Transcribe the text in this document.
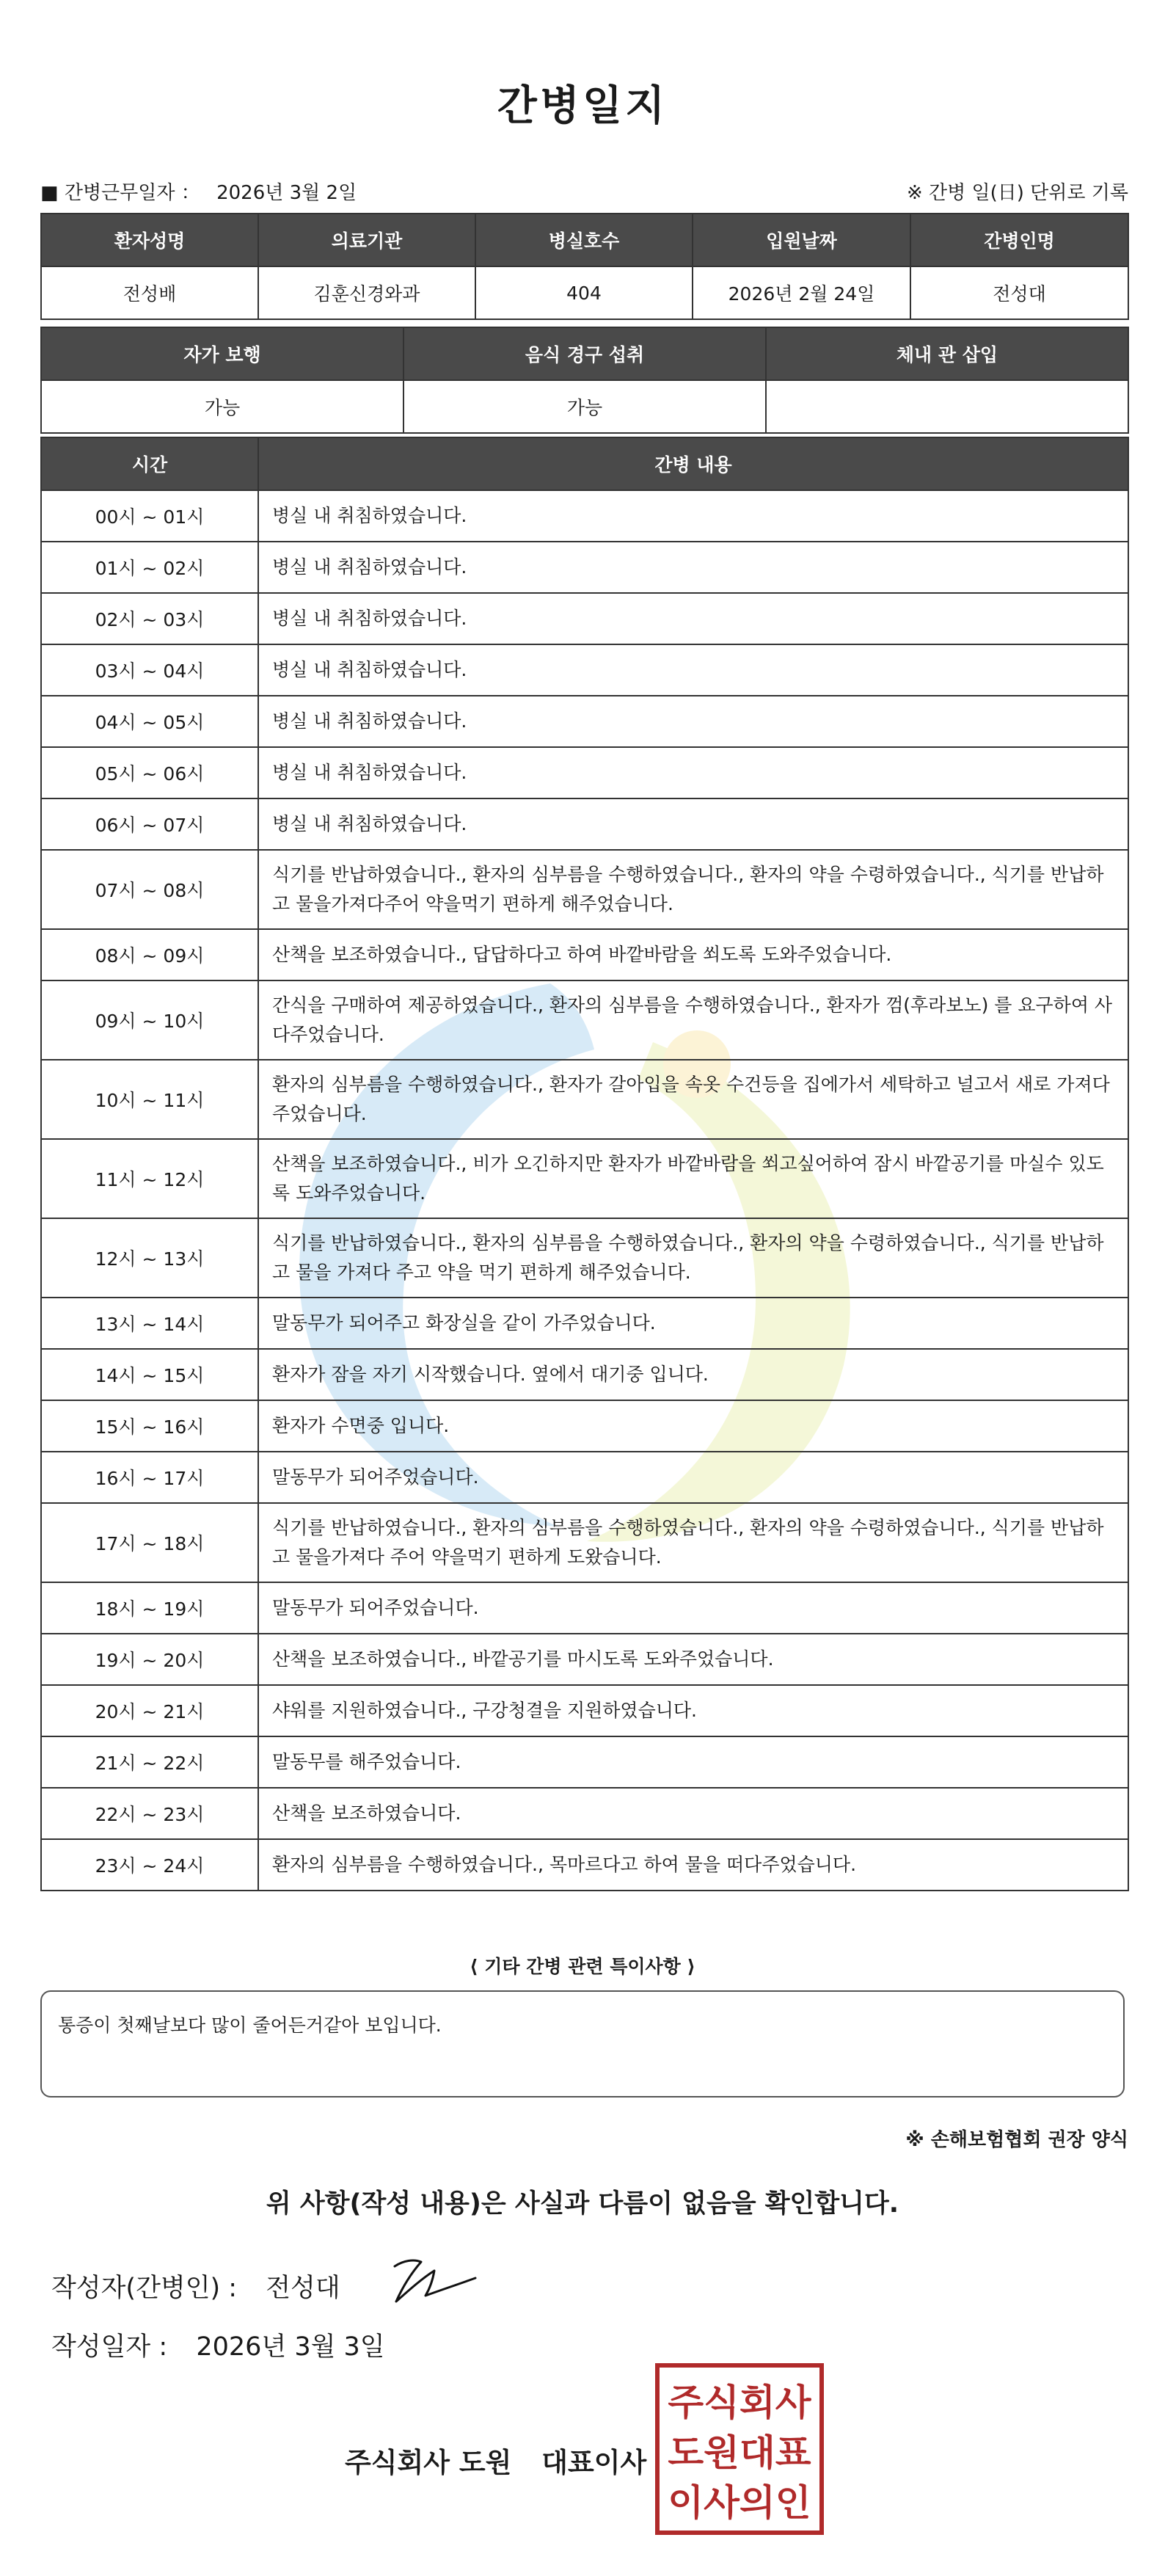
간병일지
■ 간병근무일자 ： 2026년 3월 2일	※ 간병 일(日) 단위로 기록
환자성명	의료기관	병실호수	입원날짜	간병인명
전성배	김훈신경와과	404	2026년 2월 24일	전성대
자가 보행	음식 경구 섭취	체내 관 삽입
가능	가능	
시간	간병 내용
00시 ~ 01시	병실 내 취침하였습니다.
01시 ~ 02시	병실 내 취침하였습니다.
02시 ~ 03시	병실 내 취침하였습니다.
03시 ~ 04시	병실 내 취침하였습니다.
04시 ~ 05시	병실 내 취침하였습니다.
05시 ~ 06시	병실 내 취침하였습니다.
06시 ~ 07시	병실 내 취침하였습니다.
07시 ~ 08시	식기를 반납하였습니다., 환자의 심부름을 수행하였습니다., 환자의 약을 수령하였습니다., 식기를 반납하고 물을가져다주어 약을먹기 편하게 해주었습니다.
08시 ~ 09시	산책을 보조하였습니다., 답답하다고 하여 바깥바람을 쐬도록 도와주었습니다.
09시 ~ 10시	간식을 구매하여 제공하였습니다., 환자의 심부름을 수행하였습니다., 환자가 껌(후라보노) 를 요구하여 사다주었습니다.
10시 ~ 11시	환자의 심부름을 수행하였습니다., 환자가 갈아입을 속옷 수건등을 집에가서 세탁하고 널고서 새로 가져다주었습니다.
11시 ~ 12시	산책을 보조하였습니다., 비가 오긴하지만 환자가 바깥바람을 쐬고싶어하여 잠시 바깥공기를 마실수 있도록 도와주었습니다.
12시 ~ 13시	식기를 반납하였습니다., 환자의 심부름을 수행하였습니다., 환자의 약을 수령하였습니다., 식기를 반납하고 물을 가져다 주고 약을 먹기 편하게 해주었습니다.
13시 ~ 14시	말동무가 되어주고 화장실을 같이 가주었습니다.
14시 ~ 15시	환자가 잠을 자기 시작했습니다. 옆에서 대기중 입니다.
15시 ~ 16시	환자가 수면중 입니다.
16시 ~ 17시	말동무가 되어주었습니다.
17시 ~ 18시	식기를 반납하였습니다., 환자의 심부름을 수행하였습니다., 환자의 약을 수령하였습니다., 식기를 반납하고 물을가져다 주어 약을먹기 편하게 도왔습니다.
18시 ~ 19시	말동무가 되어주었습니다.
19시 ~ 20시	산책을 보조하였습니다., 바깥공기를 마시도록 도와주었습니다.
20시 ~ 21시	샤워를 지원하였습니다., 구강청결을 지원하였습니다.
21시 ~ 22시	말동무를 해주었습니다.
22시 ~ 23시	산책을 보조하였습니다.
23시 ~ 24시	환자의 심부름을 수행하였습니다., 목마르다고 하여 물을 떠다주었습니다.
⟨ 기타 간병 관련 특이사항 ⟩
통증이 첫째날보다 많이 줄어든거같아 보입니다.
※ 손해보험협회 권장 양식
위 사항(작성 내용)은 사실과 다름이 없음을 확인합니다.
작성자(간병인) : 전성대
작성일자 : 2026년 3월 3일
주식회사 도원 대표이사
주식회사
도원대표
이사의인
